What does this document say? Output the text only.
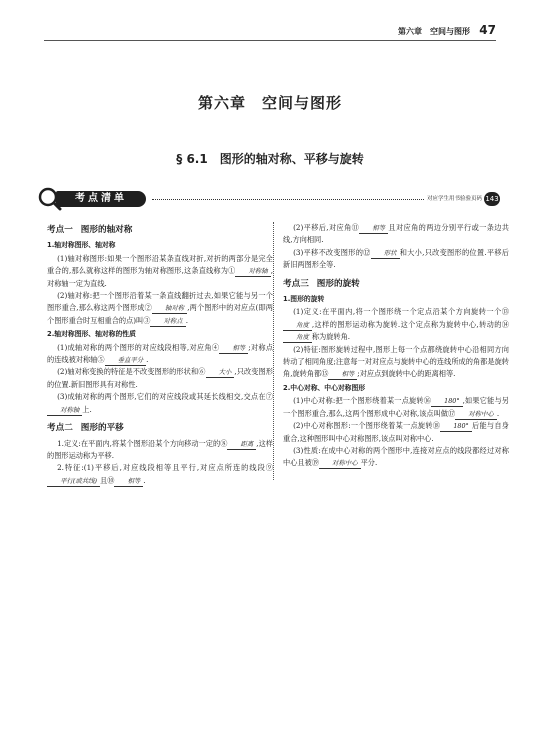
第六章　空间与图形 47
第六章　空间与图形
§ 6.1　图形的轴对称、平移与旋转
考点清单	对应学生用书验验页码 143
考点一 图形的轴对称
1.轴对称图形、轴对称

(1)轴对称图形:如果一个图形沿某条直线对折,对折的两部分是完全重合的,那么就称这样的图形为轴对称图形,这条直线称为① 对称轴 ,对称轴一定为直线.

(2)轴对称:把一个图形沿着某一条直线翻折过去,如果它能与另一个图形重合,那么称这两个图形成② 轴对称 ,两个图形中的对应点(即两个图形重合时互相重合的点)叫③ 对称点 .

2.轴对称图形、轴对称的性质

(1)成轴对称的两个图形的对应线段相等,对应角④ 相等 ;对称点的连线被对称轴⑤ 垂直平分 .

(2)轴对称变换的特征是不改变图形的形状和⑥ 大小 ,只改变图形的位置.新旧图形具有对称性.

(3)成轴对称的两个图形,它们的对应线段或其延长线相交,交点在⑦对称轴 上.

考点二 图形的平移

1.定义:在平面内,将某个图形沿某个方向移动一定的⑧ 距离 ,这样的图形运动称为平移.

2.特征:(1)平移后,对应线段相等且平行,对应点所连的线段⑨平行(或共线) 且⑩ 相等 .

(2)平移后,对应角⑪ 相等 且对应角的两边分别平行或一条边共线,方向相同.

(3)平移不改变图形的⑫ 形状 和大小,只改变图形的位置.平移后新旧两图形全等.

考点三 图形的旋转
1.图形的旋转

(1)定义:在平面内,将一个图形绕一个定点沿某个方向旋转一个⑬角度 ,这样的图形运动称为旋转.这个定点称为旋转中心,转动的⑭角度 称为旋转角.

(2)特征:图形旋转过程中,图形上每一个点都绕旋转中心沿相同方向转动了相同角度;注意每一对对应点与旋转中心的连线所成的角都是旋转角,旋转角都⑮ 相等 ;对应点到旋转中心的距离相等.

2.中心对称、中心对称图形

(1)中心对称:把一个图形绕着某一点旋转⑯ 180° ,如果它能与另一个图形重合,那么,这两个图形成中心对称,该点叫做⑰ 对称中心 .

(2)中心对称图形:一个图形绕着某一点旋转⑱ 180° 后能与自身重合,这种图形叫中心对称图形,该点叫对称中心.

(3)性质:在成中心对称的两个图形中,连接对应点的线段都经过对称中心且被⑲ 对称中心 平分.
